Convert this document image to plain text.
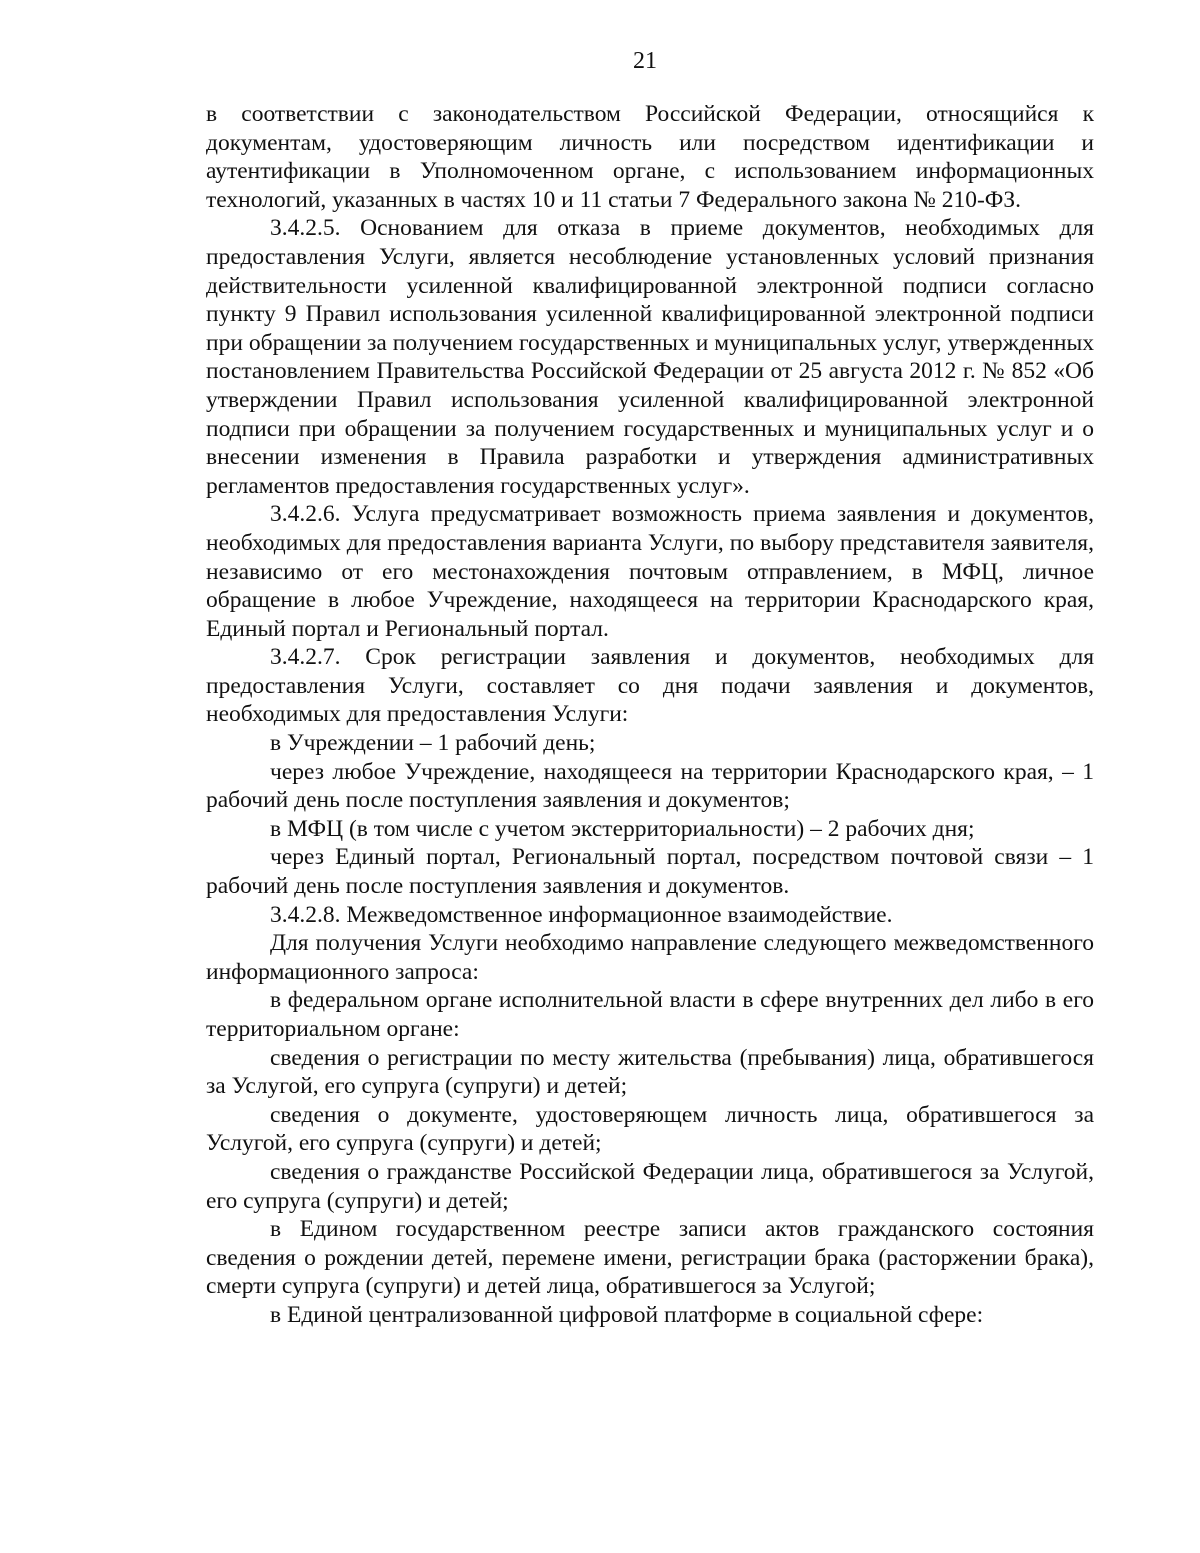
21

в соответствии с законодательством Российской Федерации, относящийся к документам, удостоверяющим личность или посредством идентификации и аутентификации в Уполномоченном органе, с использованием информационных технологий, указанных в частях 10 и 11 статьи 7 Федерального закона № 210-ФЗ.

3.4.2.5. Основанием для отказа в приеме документов, необходимых для предоставления Услуги, является несоблюдение установленных условий признания действительности усиленной квалифицированной электронной подписи согласно пункту 9 Правил использования усиленной квалифицированной электронной подписи при обращении за получением государственных и муниципальных услуг, утвержденных постановлением Правительства Российской Федерации от 25 августа 2012 г. № 852 «Об утверждении Правил использования усиленной квалифицированной электронной подписи при обращении за получением государственных и муниципальных услуг и о внесении изменения в Правила разработки и утверждения административных регламентов предоставления государственных услуг».

3.4.2.6. Услуга предусматривает возможность приема заявления и документов, необходимых для предоставления варианта Услуги, по выбору представителя заявителя, независимо от его местонахождения почтовым отправлением, в МФЦ, личное обращение в любое Учреждение, находящееся на территории Краснодарского края, Единый портал и Региональный портал.

3.4.2.7. Срок регистрации заявления и документов, необходимых для предоставления Услуги, составляет со дня подачи заявления и документов, необходимых для предоставления Услуги:

в Учреждении – 1 рабочий день;

через любое Учреждение, находящееся на территории Краснодарского края, – 1 рабочий день после поступления заявления и документов;

в МФЦ (в том числе с учетом экстерриториальности) – 2 рабочих дня;

через Единый портал, Региональный портал, посредством почтовой связи – 1 рабочий день после поступления заявления и документов.

3.4.2.8. Межведомственное информационное взаимодействие.

Для получения Услуги необходимо направление следующего межведомственного информационного запроса:

в федеральном органе исполнительной власти в сфере внутренних дел либо в его территориальном органе:

сведения о регистрации по месту жительства (пребывания) лица, обратившегося за Услугой, его супруга (супруги) и детей;

сведения о документе, удостоверяющем личность лица, обратившегося за Услугой, его супруга (супруги) и детей;

сведения о гражданстве Российской Федерации лица, обратившегося за Услугой, его супруга (супруги) и детей;

в Едином государственном реестре записи актов гражданского состояния сведения о рождении детей, перемене имени, регистрации брака (расторжении брака), смерти супруга (супруги) и детей лица, обратившегося за Услугой;

в Единой централизованной цифровой платформе в социальной сфере:
